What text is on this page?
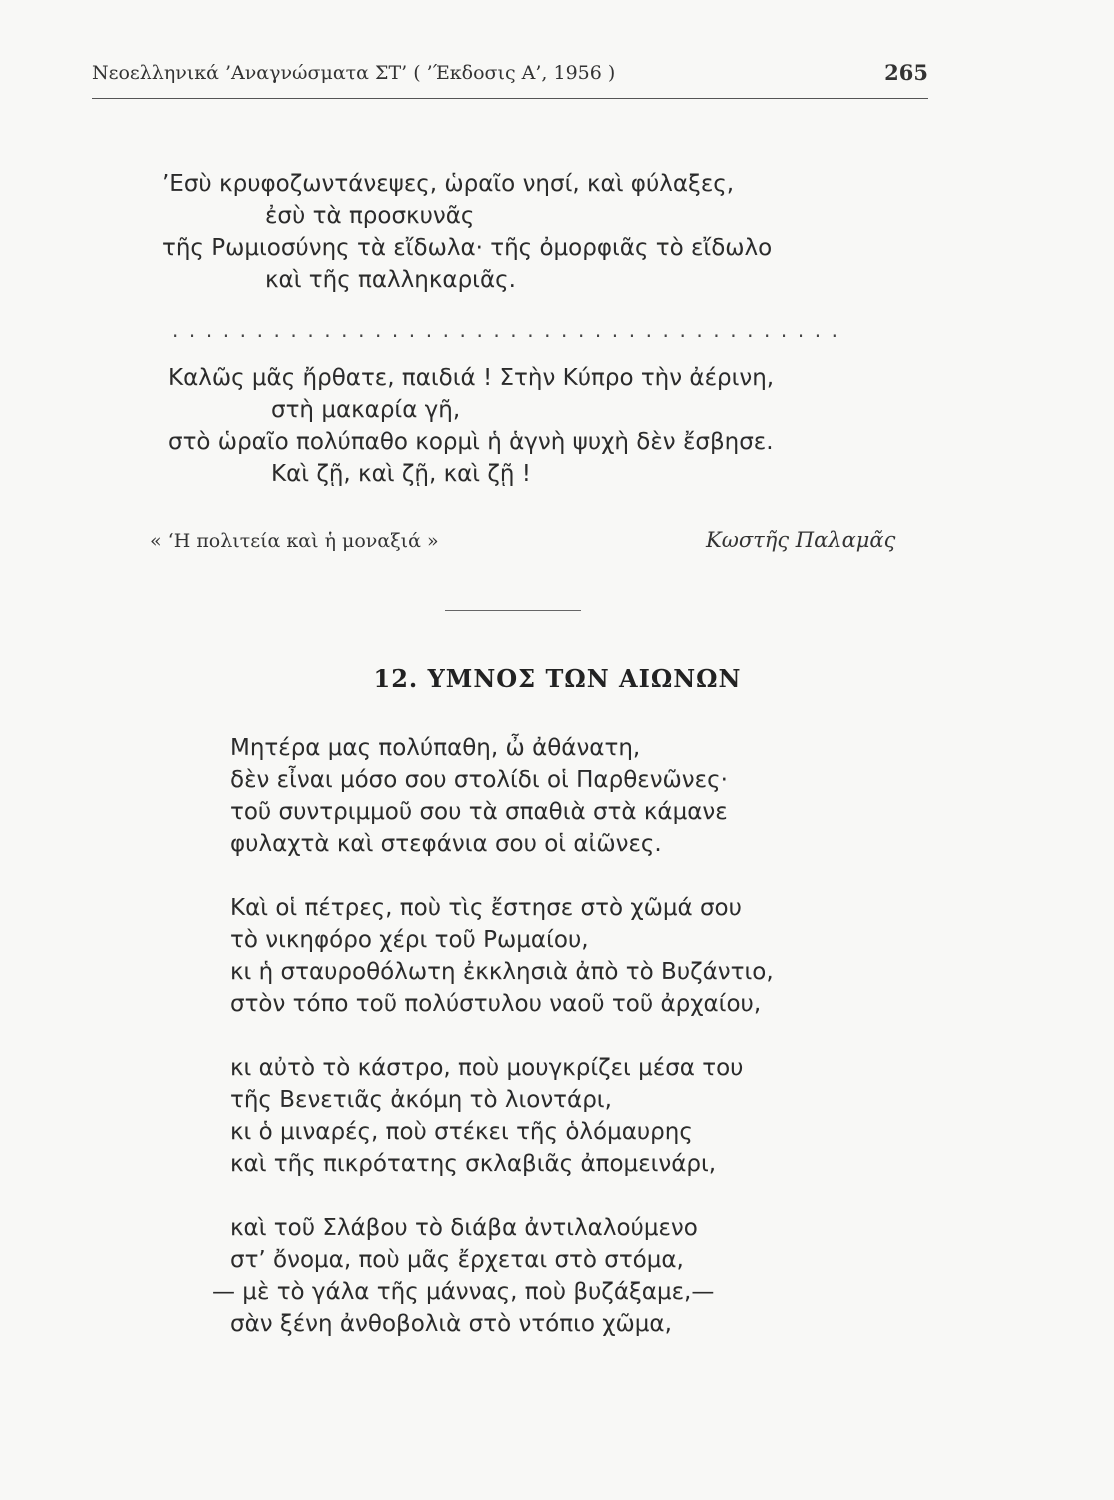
Νεοελληνικά ’Αναγνώσματα ΣΤ’ ( ’Έκδοσις Α’, 1956 )	265
’Εσὺ κρυφοζωντάνεψες, ὡραῖο νησί, καὶ φύλαξες,
ἐσὺ τὰ προσκυνᾶς
τῆς Ρωμιοσύνης τὰ εἴδωλα· τῆς ὀμορφιᾶς τὸ εἴδωλο
καὶ τῆς παλληκαριᾶς.
. . . . . . . . . . . . . . . . . . . . . . . . . . . . . . . . . . . . . . . .
Καλῶς μᾶς ἤρθατε, παιδιά ! Στὴν Κύπρο τὴν ἀέρινη,
στὴ μακαρία γῆ,
στὸ ὡραῖο πολύπαθο κορμὶ ἡ ἁγνὴ ψυχὴ δὲν ἔσβησε.
Καὶ ζῇ, καὶ ζῇ, καὶ ζῇ !
« ‘Η πολιτεία καὶ ἡ μοναξιά »	Κωστῆς Παλαμᾶς
12. ΥΜΝΟΣ ΤΩΝ ΑΙΩΝΩΝ
Μητέρα μας πολύπαθη, ὦ ἀθάνατη,
δὲν εἶναι μόσο σου στολίδι οἱ Παρθενῶνες·
τοῦ συντριμμοῦ σου τὰ σπαθιὰ στὰ κάμανε
φυλαχτὰ καὶ στεφάνια σου οἱ αἰῶνες.
Καὶ οἱ πέτρες, ποὺ τὶς ἔστησε στὸ χῶμά σου
τὸ νικηφόρο χέρι τοῦ Ρωμαίου,
κι ἡ σταυροθόλωτη ἐκκλησιὰ ἀπὸ τὸ Βυζάντιο,
στὸν τόπο τοῦ πολύστυλου ναοῦ τοῦ ἀρχαίου,
κι αὐτὸ τὸ κάστρο, ποὺ μουγκρίζει μέσα του
τῆς Βενετιᾶς ἀκόμη τὸ λιοντάρι,
κι ὁ μιναρές, ποὺ στέκει τῆς ὁλόμαυρης
καὶ τῆς πικρότατης σκλαβιᾶς ἀπομεινάρι,
καὶ τοῦ Σλάβου τὸ διάβα ἀντιλαλούμενο
στ’ ὄνομα, ποὺ μᾶς ἔρχεται στὸ στόμα,
— μὲ τὸ γάλα τῆς μάννας, ποὺ βυζάξαμε,—
σὰν ξένη ἀνθοβολιὰ στὸ ντόπιο χῶμα,
